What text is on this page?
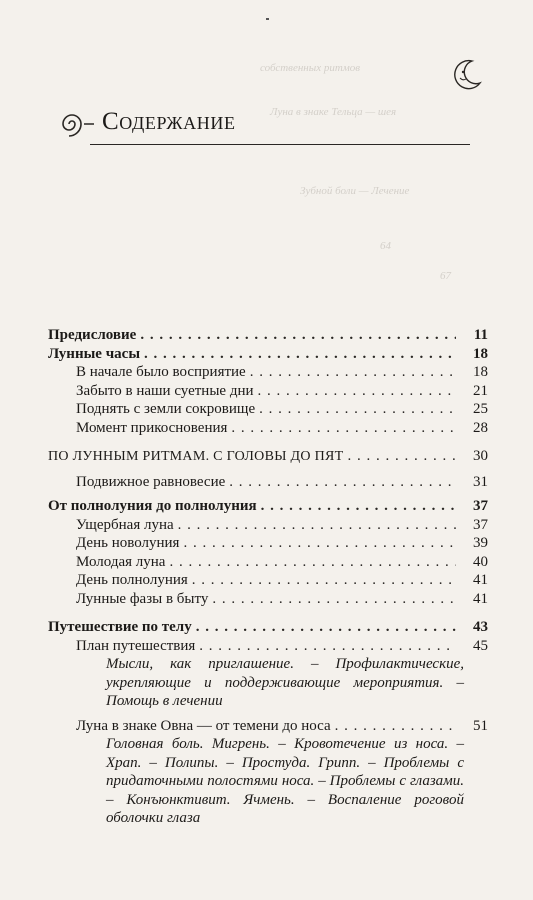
собственных ритмов
Луна в знаке Тельца — шея
Зубной боли — Лечение
64
67
Содержание
Предисловие . . .	11
Лунные часы . . .	18
В начале было восприятие . . .	18
Забыто в наши суетные дни . . .	21
Поднять с земли сокровище . . .	25
Момент прикосновения . . .	28
ПО ЛУННЫМ РИТМАМ. С ГОЛОВЫ ДО ПЯТ . . .	30
Подвижное равновесие . . .	31
От полнолуния до полнолуния . . .	37
Ущербная луна . . .	37
День новолуния . . .	39
Молодая луна . . .	40
День полнолуния . . .	41
Лунные фазы в быту . . .	41
Путешествие по телу . . .	43
План путешествия . . .	45
Мысли, как приглашение. – Профилактические, укрепляющие и поддерживающие мероприятия. – Помощь в лечении
Луна в знаке Овна — от темени до носа . . .	51
Головная боль. Мигрень. – Кровотечение из носа. – Храп. – Полипы. – Простуда. Грипп. – Проблемы с придаточными полостями носа. – Проблемы с глазами. – Конъюнктивит. Ячмень. – Воспаление роговой оболочки глаза
